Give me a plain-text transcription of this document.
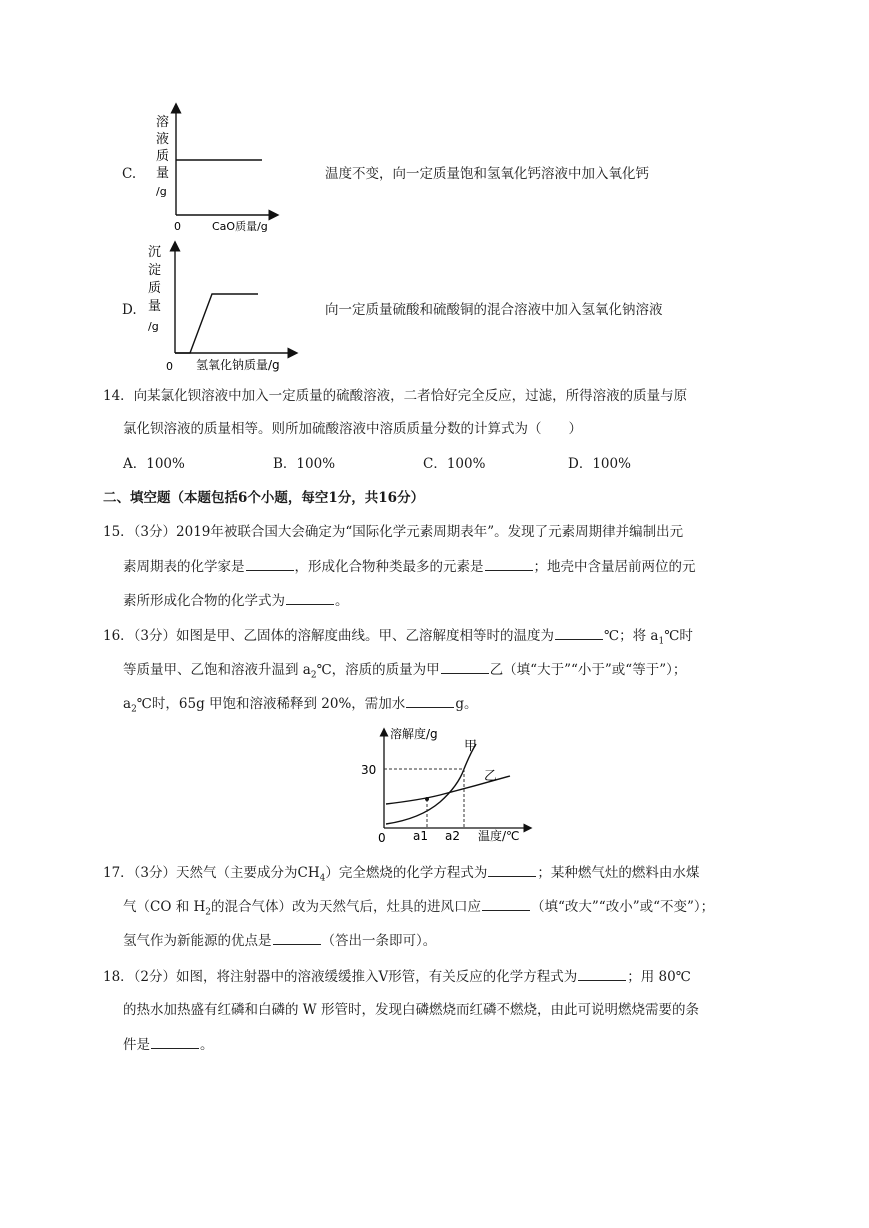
C.
溶
液
质
量
/g
0	CaO质量/g
温度不变，向一定质量饱和氢氧化钙溶液中加入氧化钙
D.
沉
淀
质
量
/g
0 氢氧化钠质量/g
向一定质量硫酸和硫酸铜的混合溶液中加入氢氧化钠溶液
14．向某氯化钡溶液中加入一定质量的硫酸溶液，二者恰好完全反应，过滤，所得溶液的质量与原
氯化钡溶液的质量相等。则所加硫酸溶液中溶质质量分数的计算式为（　　）
A．100%	B．100%	C．100%	D．100%
二、填空题（本题包括6个小题，每空1分，共16分）
15．（3分）2019年被联合国大会确定为“国际化学元素周期表年”。发现了元素周期律并编制出元
素周期表的化学家是	，形成化合物种类最多的元素是	；地壳中含量居前两位的元
素所形成化合物的化学式为	。
16．（3分）如图是甲、乙固体的溶解度曲线。甲、乙溶解度相等时的温度为	℃；将 $a_1℃$时
等质量甲、乙饱和溶液升温到 $a_2℃$，溶质的质量为甲	乙（填“大于”“小于”或“等于”）；
$a_2℃$时，65g 甲饱和溶液稀释到 20%，需加水	g。
溶解度/g
30
0 a1 a2 温度/℃
甲
乙
17．（3分）天然气（主要成分为$CH_4$）完全燃烧的化学方程式为	；某种燃气灶的燃料由水煤
气（CO 和 $H_2$的混合气体）改为天然气后，灶具的进风口应	（填“改大”“改小”或“不变”）；
氢气作为新能源的优点是	（答出一条即可）。
18．（2分）如图，将注射器中的溶液缓缓推入V形管，有关反应的化学方程式为	；用 80℃
的热水加热盛有红磷和白磷的 W 形管时，发现白磷燃烧而红磷不燃烧，由此可说明燃烧需要的条
件是	。
